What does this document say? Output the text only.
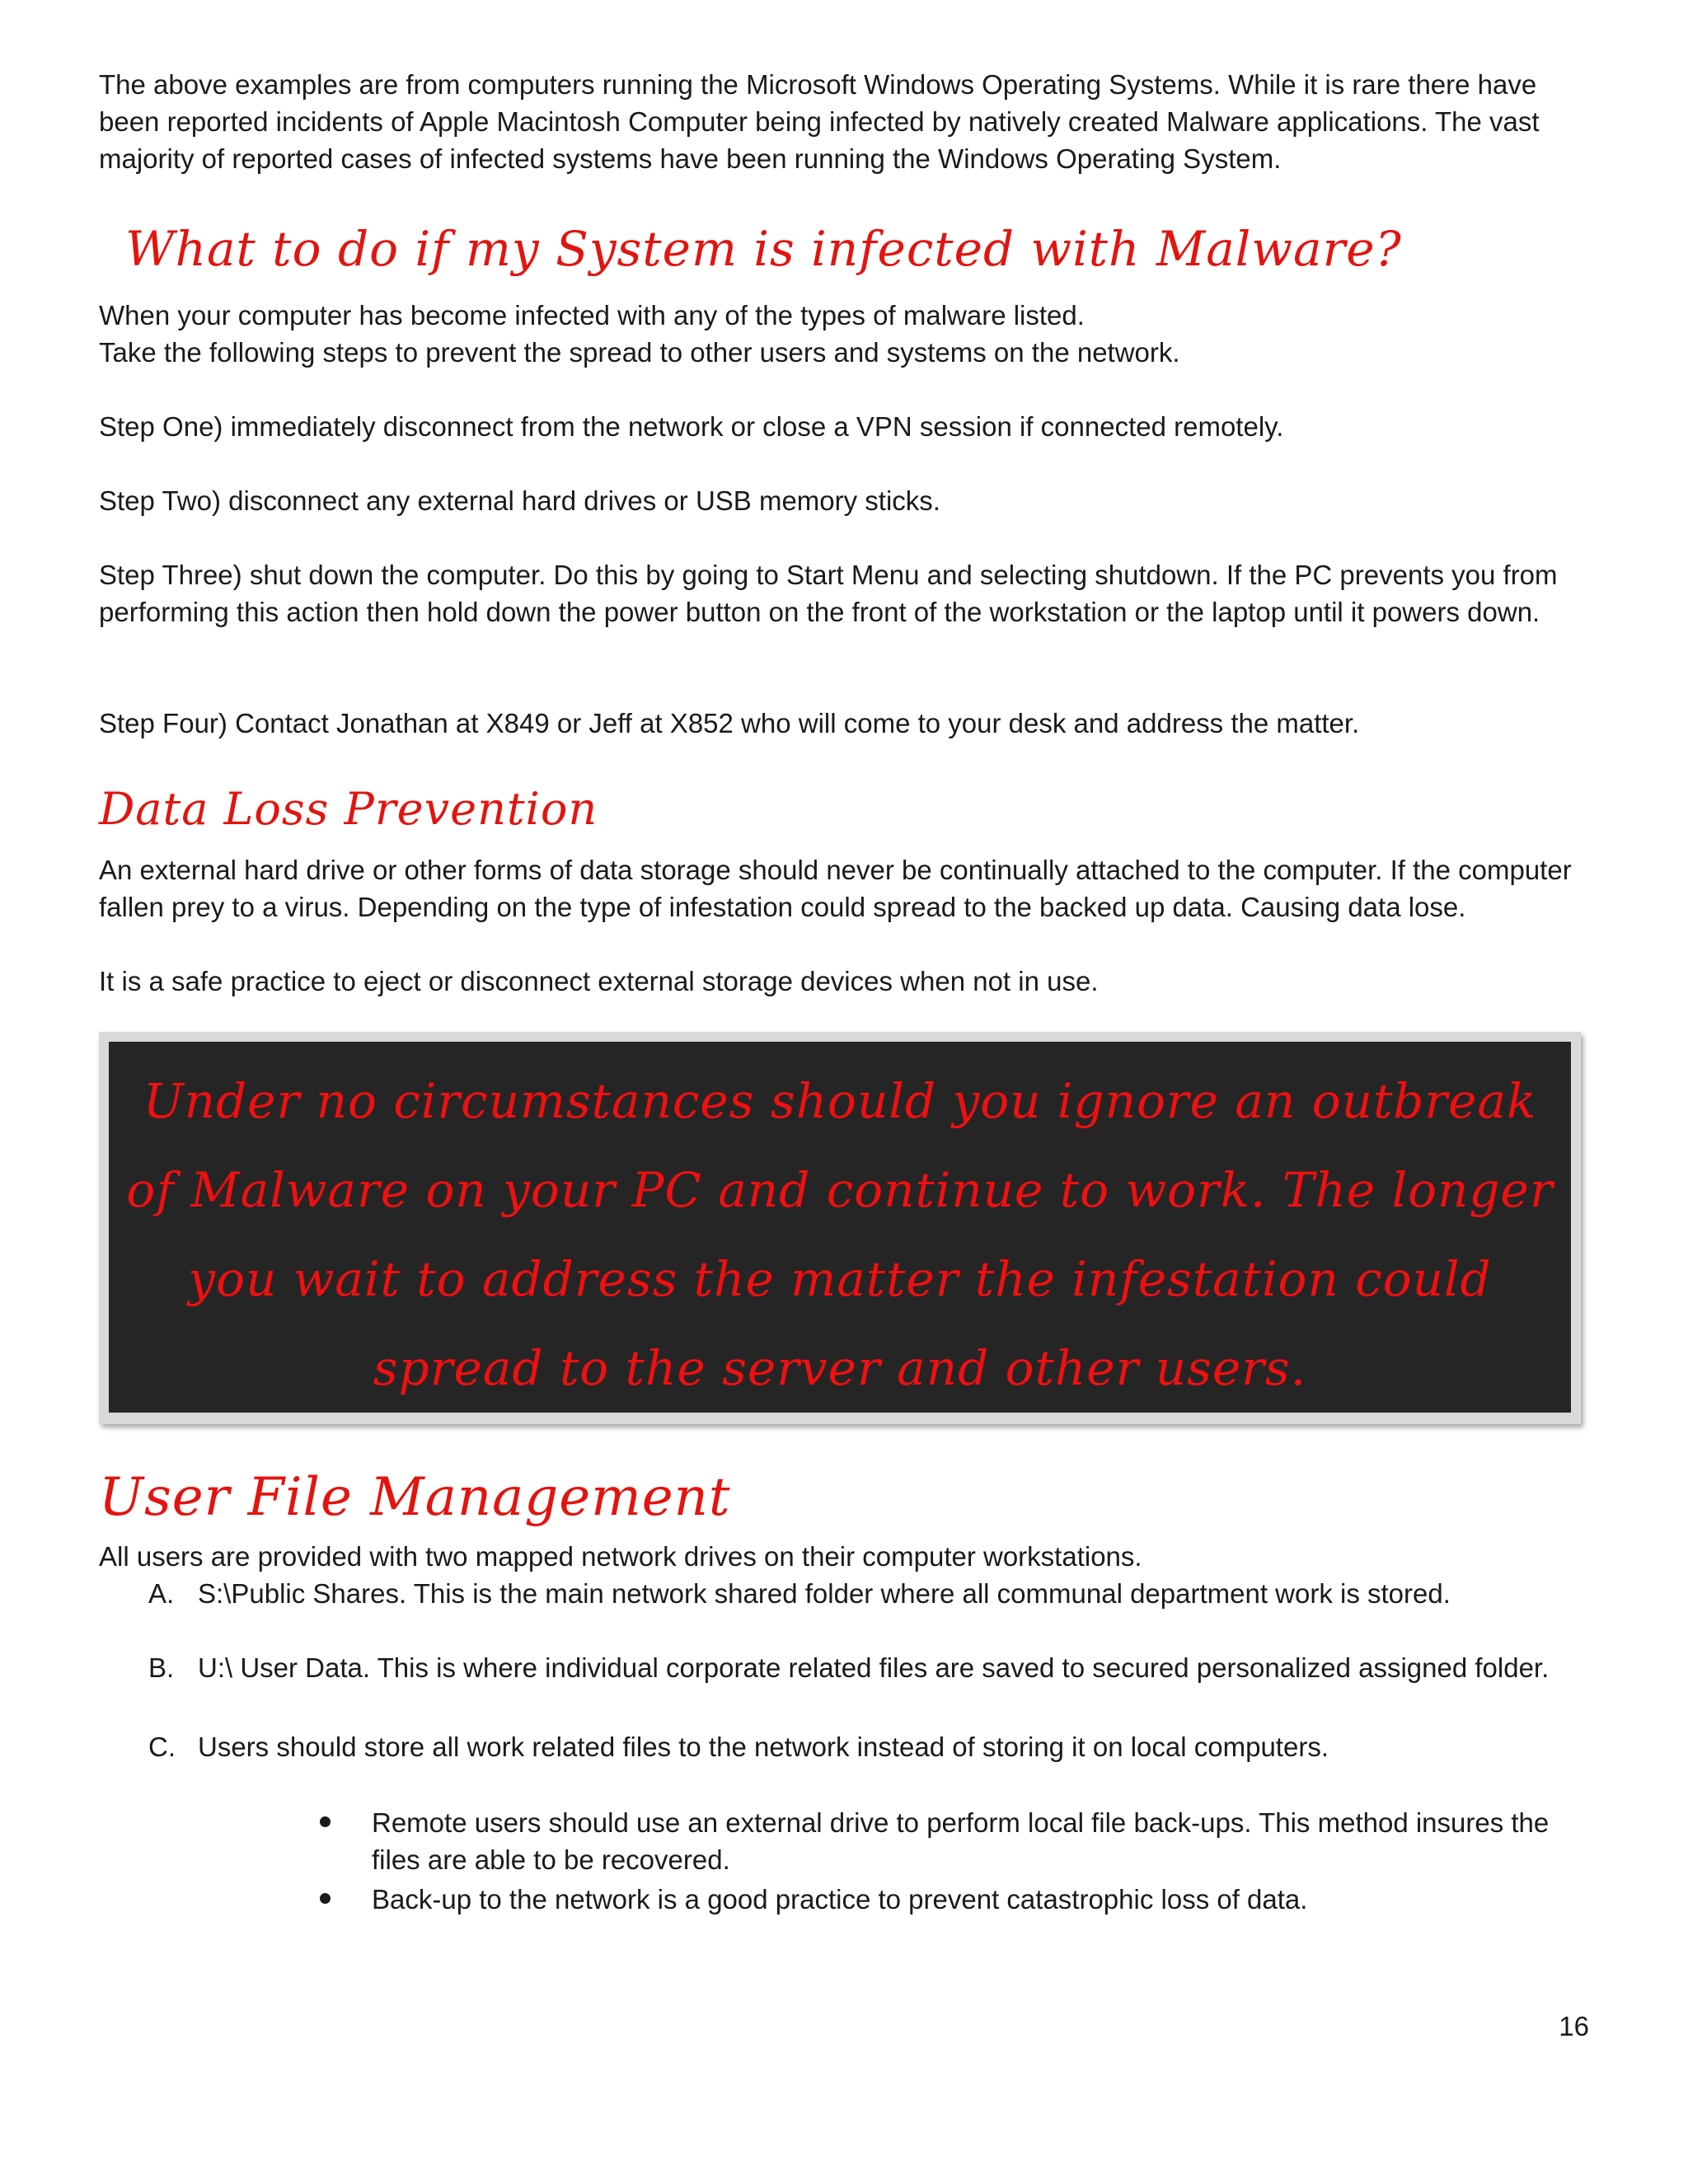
The above examples are from computers running the Microsoft Windows Operating Systems. While it is rare there have been reported incidents of Apple Macintosh Computer being infected by natively created Malware applications. The vast majority of reported cases of infected systems have been running the Windows Operating System.
What to do if my System is infected with Malware?
When your computer has become infected with any of the types of malware listed.
Take the following steps to prevent the spread to other users and systems on the network.
Step One) immediately disconnect from the network or close a VPN session if connected remotely.
Step Two) disconnect any external hard drives or USB memory sticks.
Step Three) shut down the computer. Do this by going to Start Menu and selecting shutdown. If the PC prevents you from performing this action then hold down the power button on the front of the workstation or the laptop until it powers down.
Step Four) Contact Jonathan at X849 or Jeff at X852 who will come to your desk and address the matter.
Data Loss Prevention
An external hard drive or other forms of data storage should never be continually attached to the computer. If the computer fallen prey to a virus. Depending on the type of infestation could spread to the backed up data. Causing data lose.
It is a safe practice to eject or disconnect external storage devices when not in use.
Under no circumstances should you ignore an outbreak of Malware on your PC and continue to work. The longer you wait to address the matter the infestation could spread to the server and other users.
User File Management
All users are provided with two mapped network drives on their computer workstations.
A. S:\Public Shares. This is the main network shared folder where all communal department work is stored.
B. U:\ User Data. This is where individual corporate related files are saved to secured personalized assigned folder.
C. Users should store all work related files to the network instead of storing it on local computers.
Remote users should use an external drive to perform local file back-ups. This method insures the files are able to be recovered.
Back-up to the network is a good practice to prevent catastrophic loss of data.
16
